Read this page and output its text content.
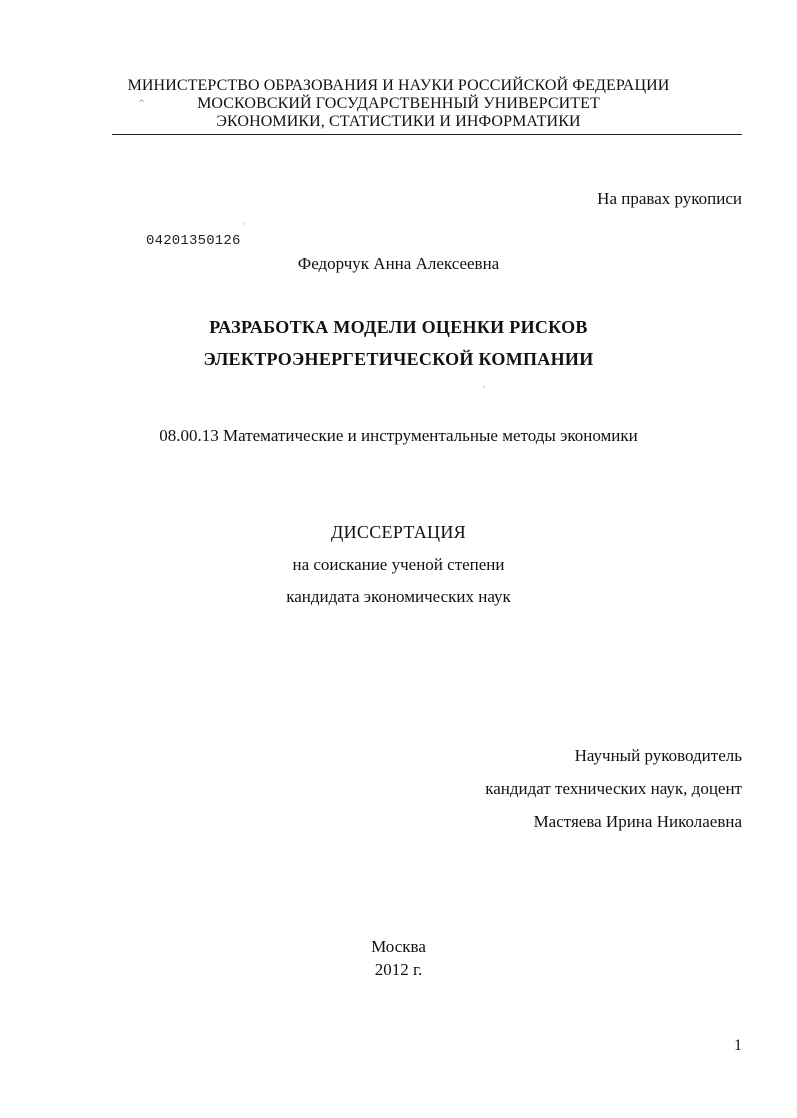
МИНИСТЕРСТВО ОБРАЗОВАНИЯ И НАУКИ РОССИЙСКОЙ ФЕДЕРАЦИИ
^	МОСКОВСКИЙ ГОСУДАРСТВЕННЫЙ УНИВЕРСИТЕТ
ЭКОНОМИКИ, СТАТИСТИКИ И ИНФОРМАТИКИ
На правах рукописи
·
04201350126
Федорчук Анна Алексеевна
РАЗРАБОТКА МОДЕЛИ ОЦЕНКИ РИСКОВ
ЭЛЕКТРОЭНЕРГЕТИЧЕСКОЙ КОМПАНИИ
`
08.00.13 Математические и инструментальные методы экономики
ДИССЕРТАЦИЯ
на соискание ученой степени
кандидата экономических наук
Научный руководитель
кандидат технических наук, доцент
Мастяева Ирина Николаевна
Москва
2012 г.
1
